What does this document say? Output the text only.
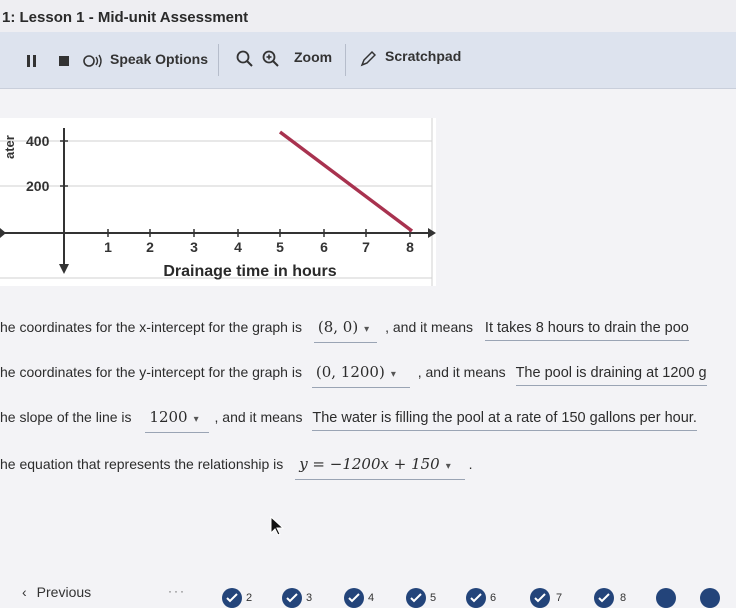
1: Lesson 1 - Mid-unit Assessment
Speak Options	Zoom	Scratchpad
ater 400
200
1 2	3	4 5	6 7	8
Drainage time in hours
he coordinates for the x-intercept for the graph is (8, 0) ▾ , and it means It takes 8 hours to drain the poo
he coordinates for the y-intercept for the graph is (0, 1200) ▾ , and it means The pool is draining at 1200 g
he slope of the line is 1200 ▾ , and it means The water is filling the pool at a rate of 150 gallons per hour.
he equation that represents the relationship is y = −1200x + 150 ▾ .
‹ Previous	···	2	3	4	5	6	7	8
